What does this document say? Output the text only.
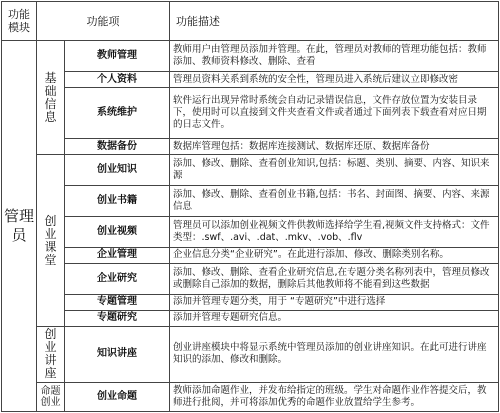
功能模块	功能项		功能描述
管理员	基础信息	教师管理	教师用户由管理员添加并管理。在此，管理员对教师的管理功能包括：教师添加、教师资料修改、删除、查看
		个人资料	管理员资料关系到系统的安全性，管理员进入系统后建议立即修改密
		系统维护	软件运行出现异常时系统会自动记录错误信息，文件存放位置为安装目录下，使用时可以直接到文件夹查看文件或者通过下面列表下载查看对应日期的日志文件。
		数据备份	数据库管理包括：数据库连接测试、数据库还原、数据库备份
	创业课堂	创业知识	添加、修改、删除、查看创业知识,包括：标题、类别、摘要、内容、知识来源
		创业书籍	添加、修改、删除、查看创业书籍,包括：书名、封面图、摘要、内容、来源信息
		创业视频	管理员可以添加创业视频文件供教师选择给学生看,视频文件支持格式：文件类型：.swf、.avi、.dat、.mkv、.vob、.flv
		企业管理	企业信息分类“企业研究”。在此进行添加、修改、删除类别名称。
		企业研究	添加、修改、删除、查看企业研究信息,在专题分类名称列表中，管理员修改或删除自己添加的数据，删除后其他教师将不能看到这些数据
		专题管理	添加并管理专题分类，用于 “专题研究”中进行选择
		专题研究	添加并管理专题研究信息。
	创业讲座	知识讲座	创业讲座模块中将显示系统中管理员添加的创业讲座知识。在此可进行讲座知识的添加、修改和删除。
	命题 创业	创业命题	教师添加命题作业，并发布给指定的班级。学生对命题作业作答提交后，教师进行批阅，并可将添加优秀的命题作业放置给学生参考。
